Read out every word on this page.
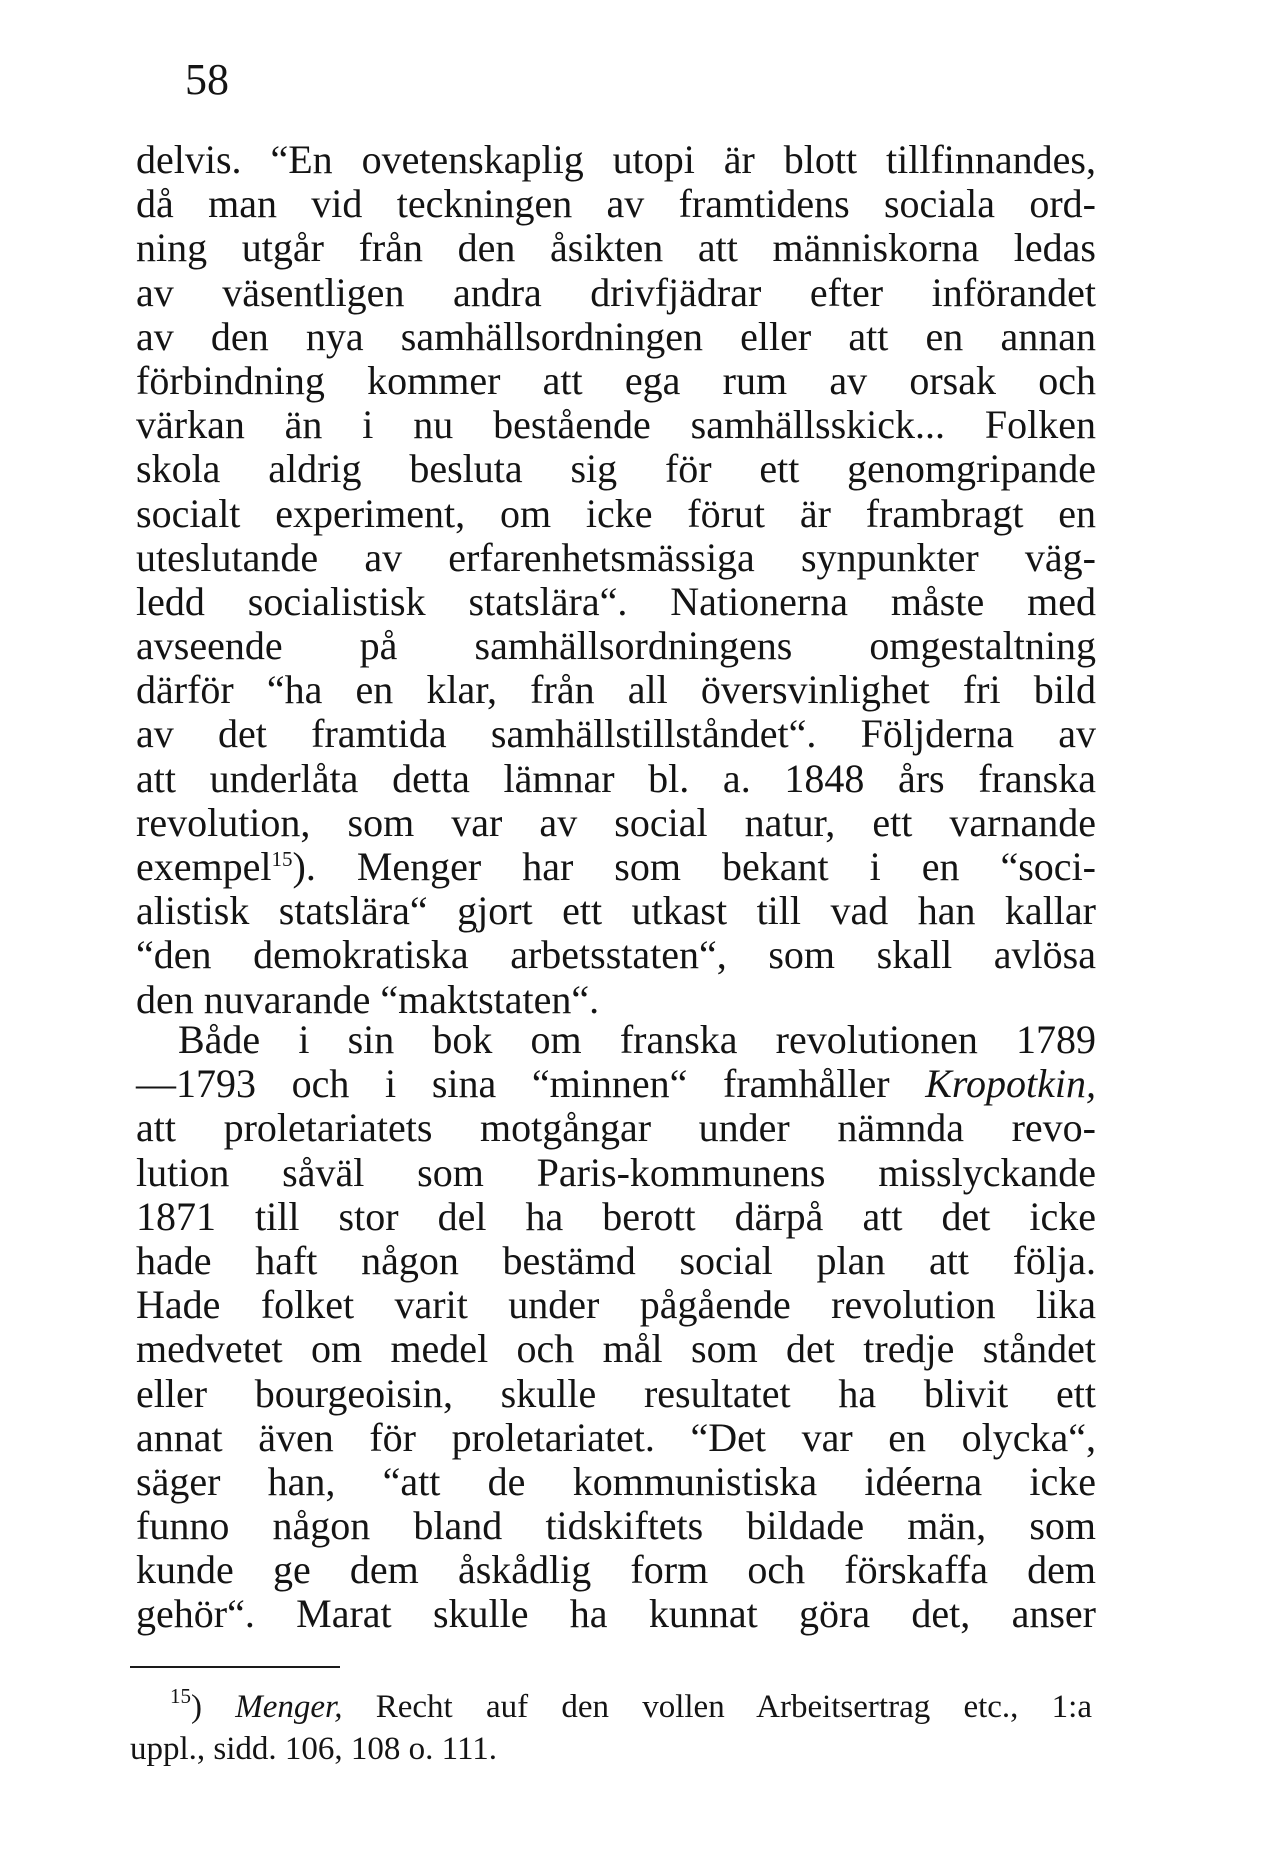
58
delvis. “En ovetenskaplig utopi är blott tillfinnandes,
då man vid teckningen av framtidens sociala ord-
ning utgår från den åsikten att människorna ledas
av väsentligen andra drivfjädrar efter införandet
av den nya samhällsordningen eller att en annan
förbindning kommer att ega rum av orsak och
värkan än i nu bestående samhällsskick... Folken
skola aldrig besluta sig för ett genomgripande
socialt experiment, om icke förut är frambragt en
uteslutande av erfarenhetsmässiga synpunkter väg-
ledd socialistisk statslära“. Nationerna måste med
avseende på samhällsordningens omgestaltning
därför “ha en klar, från all översvinlighet fri bild
av det framtida samhällstillståndet“. Följderna av
att underlåta detta lämnar bl. a. 1848 års franska
revolution, som var av social natur, ett varnande
exempel$^{15}$). Menger har som bekant i en “soci-
alistisk statslära“ gjort ett utkast till vad han kallar
“den demokratiska arbetsstaten“, som skall avlösa
den nuvarande “maktstaten“.
Både i sin bok om franska revolutionen 1789
—1793 och i sina “minnen“ framhåller Kropotkin,
att proletariatets motgångar under nämnda revo-
lution såväl som Paris-kommunens misslyckande
1871 till stor del ha berott därpå att det icke
hade haft någon bestämd social plan att följa.
Hade folket varit under pågående revolution lika
medvetet om medel och mål som det tredje ståndet
eller bourgeoisin, skulle resultatet ha blivit ett
annat även för proletariatet. “Det var en olycka“,
säger han, “att de kommunistiska idéerna icke
funno någon bland tidskiftets bildade män, som
kunde ge dem åskådlig form och förskaffa dem
gehör“. Marat skulle ha kunnat göra det, anser
$^{15}$) Menger, Recht auf den vollen Arbeitsertrag etc., 1:a
uppl., sidd. 106, 108 o. 111.
